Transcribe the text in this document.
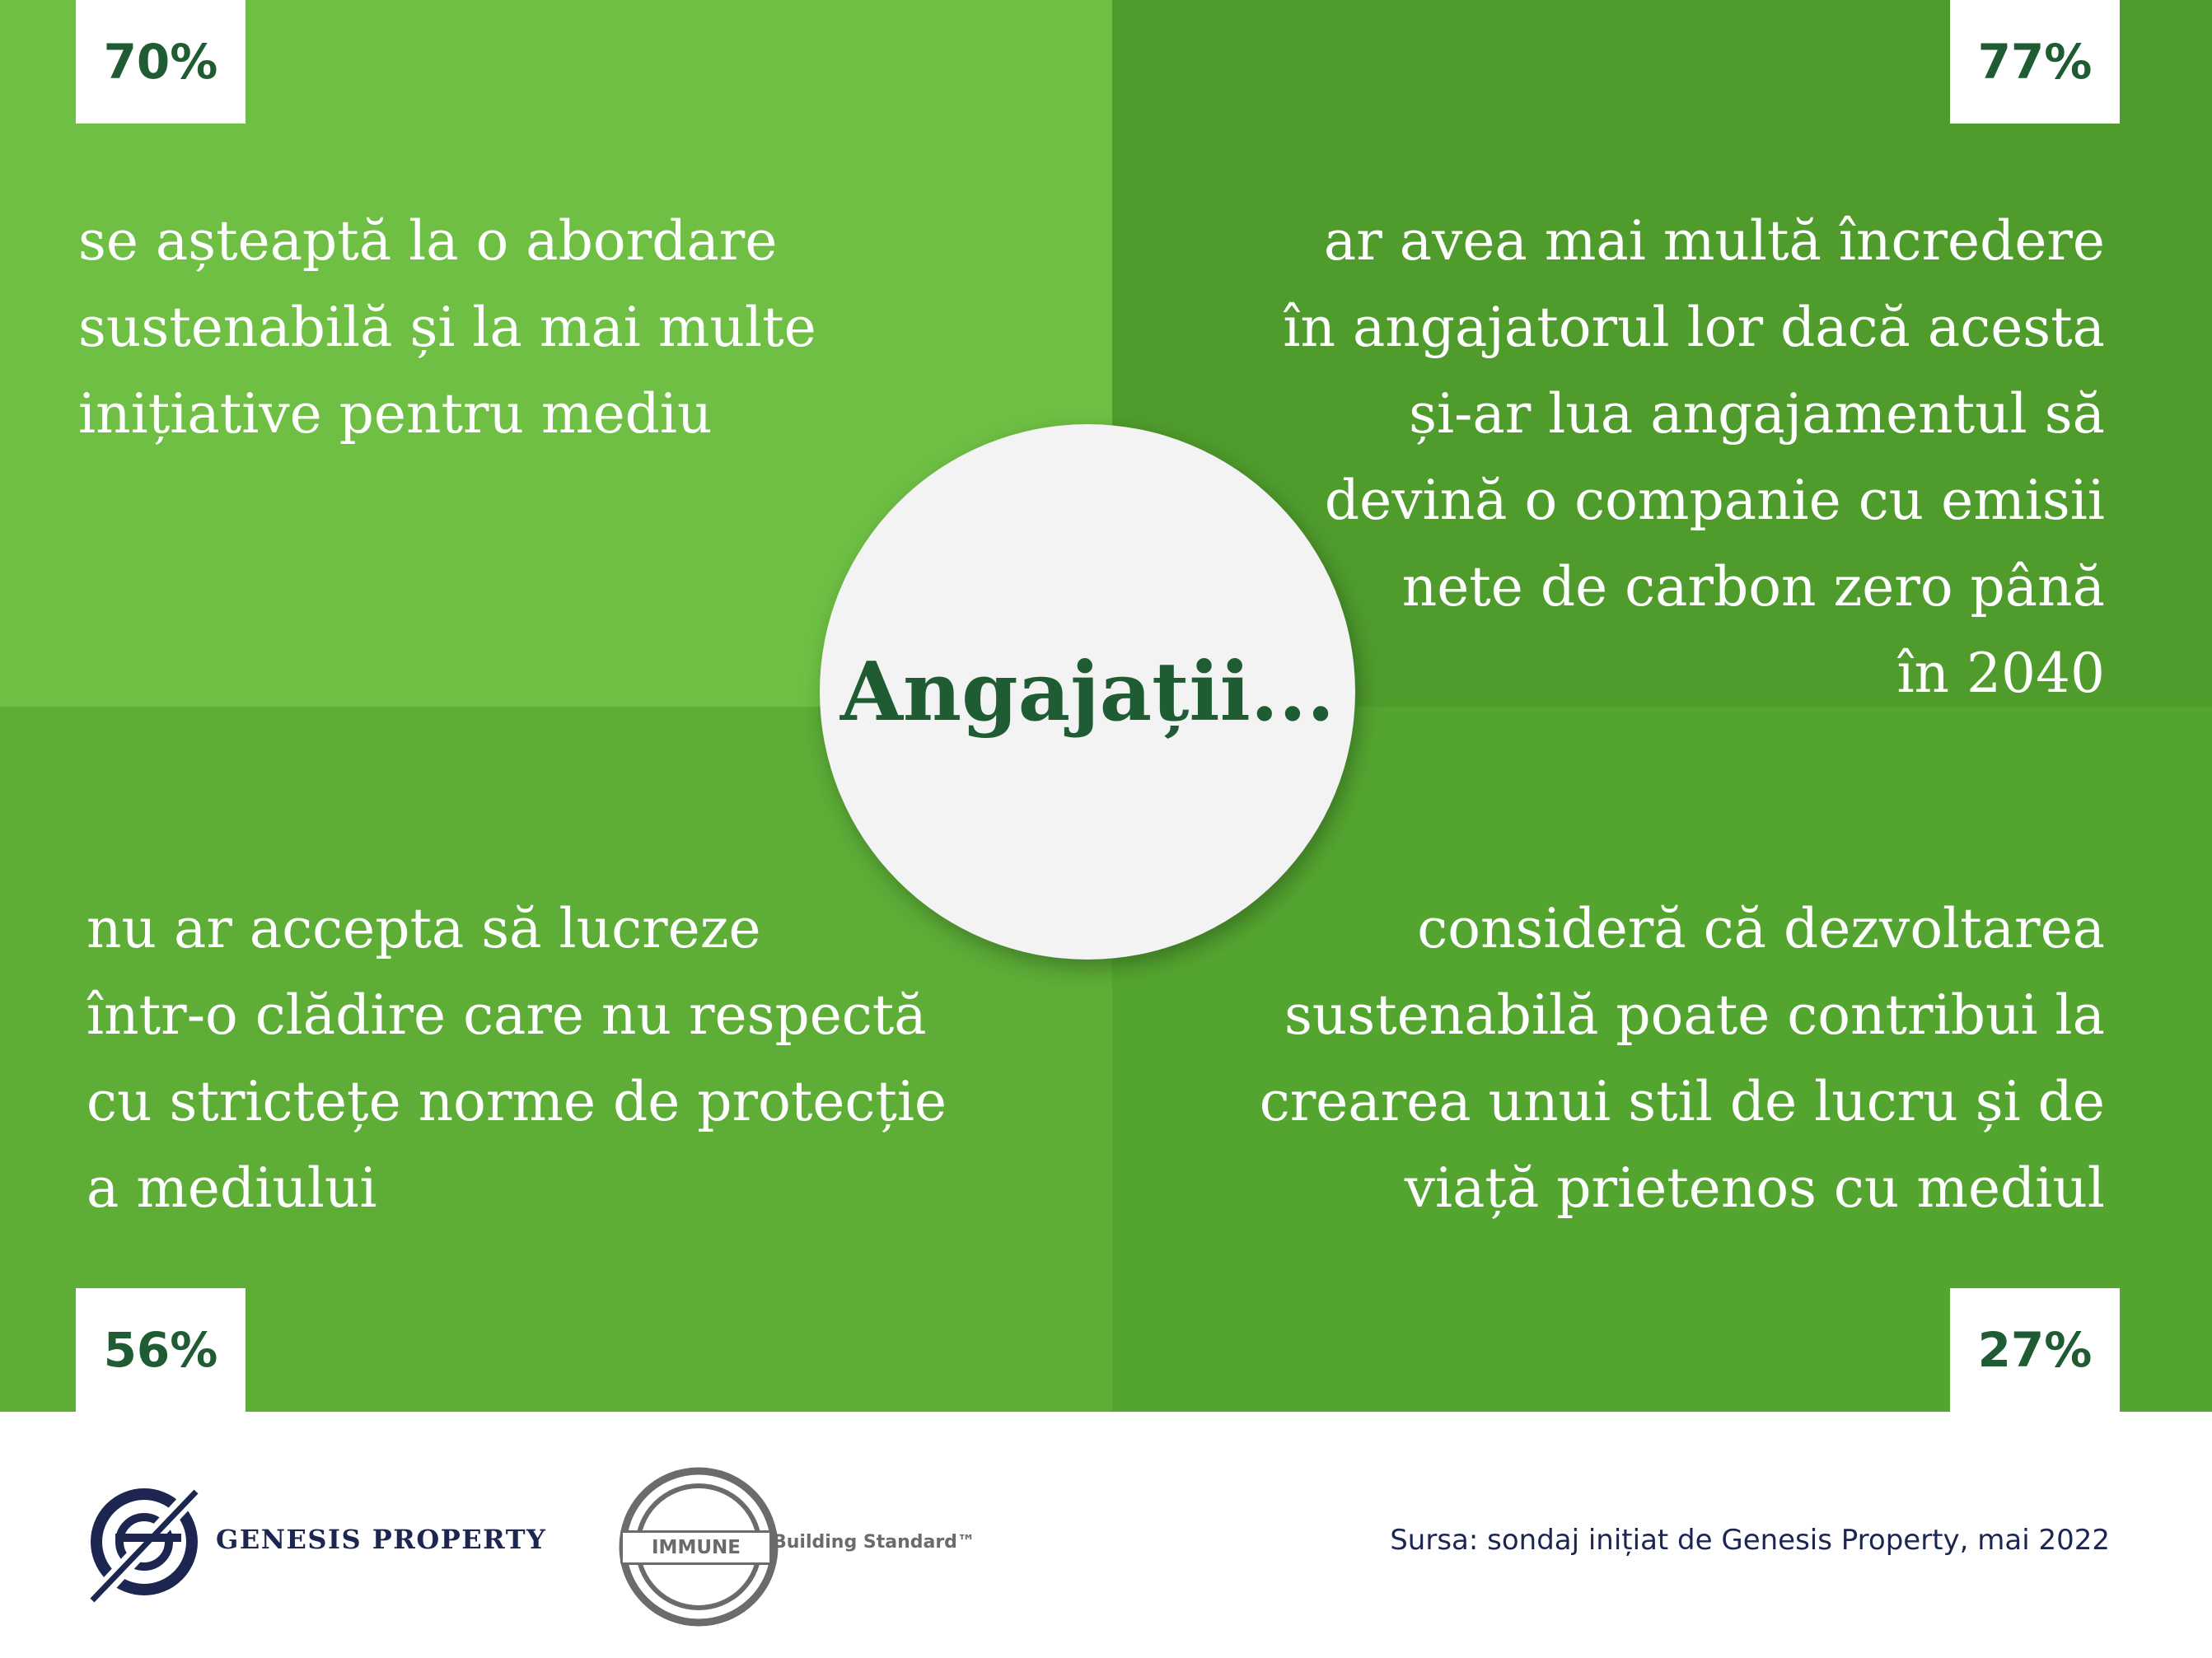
70%	77%
56%	27%
se așteaptă la o abordare
sustenabilă și la mai multe
inițiative pentru mediu
ar avea mai multă încredere
în angajatorul lor dacă acesta
și-ar lua angajamentul să
devină o companie cu emisii
nete de carbon zero până
în 2040
nu ar accepta să lucreze
într-o clădire care nu respectă
cu strictețe norme de protecție
a mediului
consideră că dezvoltarea
sustenabilă poate contribui la
crearea unui stil de lucru și de
viață prietenos cu mediul
Angajații...
GENESIS PROPERTY	IMMUNE Building Standard™	Sursa: sondaj inițiat de Genesis Property, mai 2022
